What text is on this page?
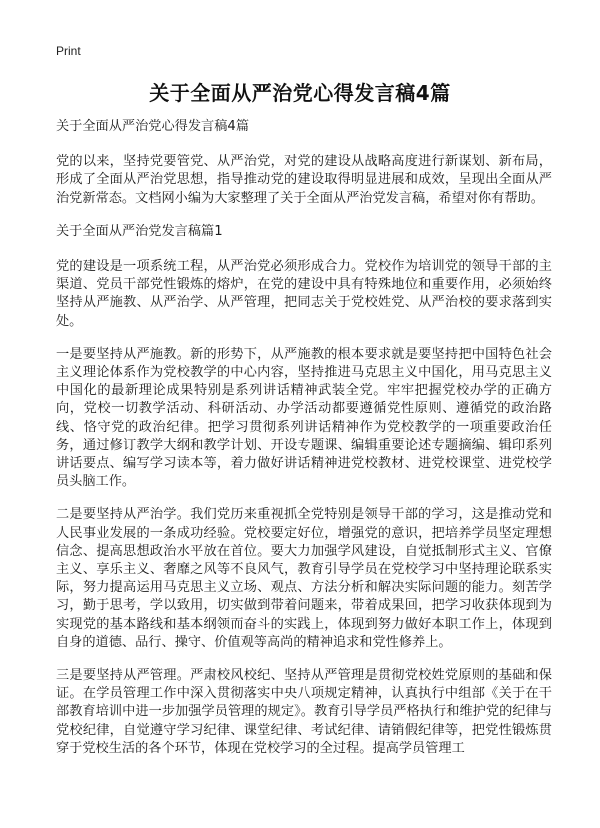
Print
关于全面从严治党心得发言稿4篇

关于全面从严治党心得发言稿4篇

党的以来，坚持党要管党、从严治党，对党的建设从战略高度进行新谋划、新布局，形成了全面从严治党思想，指导推动党的建设取得明显进展和成效，呈现出全面从严治党新常态。文档网小编为大家整理了关于全面从严治党发言稿，希望对你有帮助。

关于全面从严治党发言稿篇1

党的建设是一项系统工程，从严治党必须形成合力。党校作为培训党的领导干部的主渠道、党员干部党性锻炼的熔炉，在党的建设中具有特殊地位和重要作用，必须始终坚持从严施教、从严治学、从严管理，把同志关于党校姓党、从严治校的要求落到实处。

一是要坚持从严施教。新的形势下，从严施教的根本要求就是要坚持把中国特色社会主义理论体系作为党校教学的中心内容，坚持推进马克思主义中国化，用马克思主义中国化的最新理论成果特别是系列讲话精神武装全党。牢牢把握党校办学的正确方向，党校一切教学活动、科研活动、办学活动都要遵循党性原则、遵循党的政治路线、恪守党的政治纪律。把学习贯彻系列讲话精神作为党校教学的一项重要政治任务，通过修订教学大纲和教学计划、开设专题课、编辑重要论述专题摘编、辑印系列讲话要点、编写学习读本等，着力做好讲话精神进党校教材、进党校课堂、进党校学员头脑工作。

二是要坚持从严治学。我们党历来重视抓全党特别是领导干部的学习，这是推动党和人民事业发展的一条成功经验。党校要定好位，增强党的意识，把培养学员坚定理想信念、提高思想政治水平放在首位。要大力加强学风建设，自觉抵制形式主义、官僚主义、享乐主义、奢靡之风等不良风气，教育引导学员在党校学习中坚持理论联系实际，努力提高运用马克思主义立场、观点、方法分析和解决实际问题的能力。刻苦学习，勤于思考，学以致用，切实做到带着问题来，带着成果回，把学习收获体现到为实现党的基本路线和基本纲领而奋斗的实践上，体现到努力做好本职工作上，体现到自身的道德、品行、操守、价值观等高尚的精神追求和党性修养上。

三是要坚持从严管理。严肃校风校纪、坚持从严管理是贯彻党校姓党原则的基础和保证。在学员管理工作中深入贯彻落实中央八项规定精神，认真执行中组部《关于在干部教育培训中进一步加强学员管理的规定》。教育引导学员严格执行和维护党的纪律与党校纪律，自觉遵守学习纪律、课堂纪律、考试纪律、请销假纪律等，把党性锻炼贯穿于党校生活的各个环节，体现在党校学习的全过程。提高学员管理工
